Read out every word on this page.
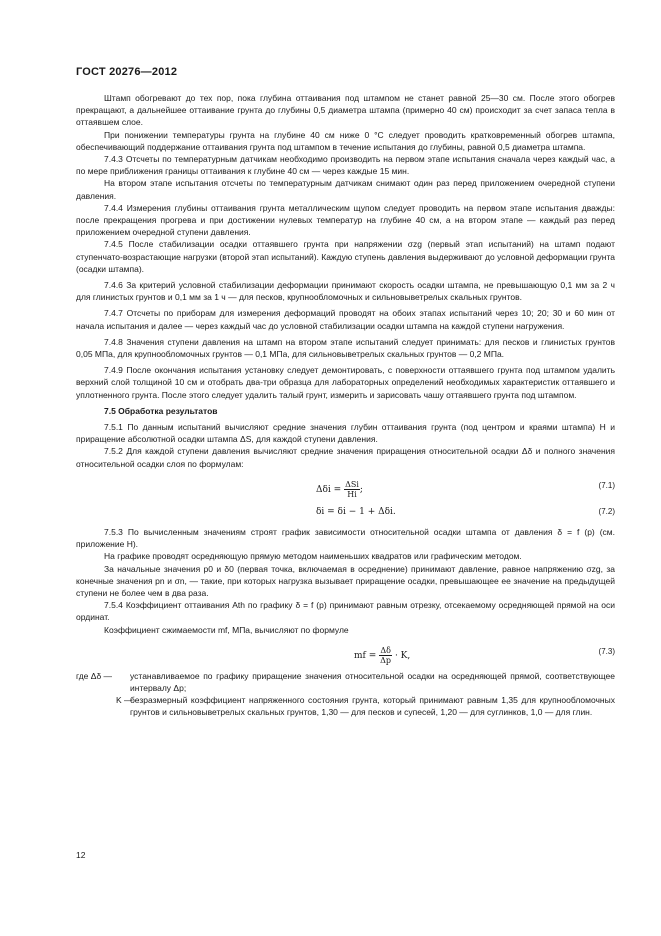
ГОСТ 20276—2012

Штамп обогревают до тех пор, пока глубина оттаивания под штампом не станет равной 25—30 см. После этого обогрев прекращают, а дальнейшее оттаивание грунта до глубины 0,5 диаметра штампа (примерно 40 см) происходит за счет запаса тепла в оттаявшем слое.

При понижении температуры грунта на глубине 40 см ниже 0 °С следует проводить кратковременный обогрев штампа, обеспечивающий поддержание оттаивания грунта под штампом в течение испытания до глубины, равной 0,5 диаметра штампа.

7.4.3 Отсчеты по температурным датчикам необходимо производить на первом этапе испытания сначала через каждый час, а по мере приближения границы оттаивания к глубине 40 см — через каждые 15 мин.

На втором этапе испытания отсчеты по температурным датчикам снимают один раз перед приложением очередной ступени давления.

7.4.4 Измерения глубины оттаивания грунта металлическим щупом следует проводить на первом этапе испытания дважды: после прекращения прогрева и при достижении нулевых температур на глубине 40 см, а на втором этапе — каждый раз перед приложением очередной ступени давления.

7.4.5 После стабилизации осадки оттаявшего грунта при напряжении σzg (первый этап испытаний) на штамп подают ступенчато-возрастающие нагрузки (второй этап испытаний). Каждую ступень давления выдерживают до условной деформации грунта (осадки штампа).

7.4.6 За критерий условной стабилизации деформации принимают скорость осадки штампа, не превышающую 0,1 мм за 2 ч для глинистых грунтов и 0,1 мм за 1 ч — для песков, крупнообломочных и сильновыветрелых скальных грунтов.

7.4.7 Отсчеты по приборам для измерения деформаций проводят на обоих этапах испытаний через 10; 20; 30 и 60 мин от начала испытания и далее — через каждый час до условной стабилизации осадки штампа на каждой ступени нагружения.

7.4.8 Значения ступени давления на штамп на втором этапе испытаний следует принимать: для песков и глинистых грунтов 0,05 МПа, для крупнообломочных грунтов — 0,1 МПа, для сильновыветрелых скальных грунтов — 0,2 МПа.

7.4.9 После окончания испытания установку следует демонтировать, с поверхности оттаявшего грунта под штампом удалить верхний слой толщиной 10 см и отобрать два-три образца для лабораторных определений необходимых характеристик оттаявшего и уплотненного грунта. После этого следует удалить талый грунт, измерить и зарисовать чашу оттаявшего грунта под штампом.

7.5 Обработка результатов

7.5.1 По данным испытаний вычисляют средние значения глубин оттаивания грунта (под центром и краями штампа) H и приращение абсолютной осадки штампа ΔS, для каждой ступени давления.

7.5.2 Для каждой ступени давления вычисляют средние значения приращения относительной осадки Δδ и полного значения относительной осадки слоя по формулам:

$\Delta\delta i = \frac{\text{ΔSi}}{Hi}$ ;	(7.1)
δi = δi − 1 + Δδi.	(7.2)

7.5.3 По вычисленным значениям строят график зависимости относительной осадки штампа от давления δ = f (p) (см. приложение Н).

На графике проводят осредняющую прямую методом наименьших квадратов или графическим методом.

За начальные значения p0 и δ0 (первая точка, включаемая в осреднение) принимают давление, равное напряжению σzg, за конечные значения pn и σn, — такие, при которых нагрузка вызывает приращение осадки, превышающее ее значение на предыдущей ступени не более чем в два раза.

7.5.4 Коэффициент оттаивания Ath по графику δ = f (p) принимают равным отрезку, отсекаемому осредняющей прямой на оси ординат.

Коэффициент сжимаемости mf, МПа, вычисляют по формуле

mf = $\frac{\Delta\delta}{\Delta p} \cdot K$,	(7.3)
где Δδ —	устанавливаемое по графику приращение значения относительной осадки на осредняющей прямой, соответствующее интервалу Δp;
K —
безразмерный коэффициент напряженного состояния грунта, который принимают равным 1,35 для крупнообломочных грунтов и сильновыветрелых скальных грунтов, 1,30 — для песков и супесей, 1,20 — для суглинков, 1,0 — для глин.
12
